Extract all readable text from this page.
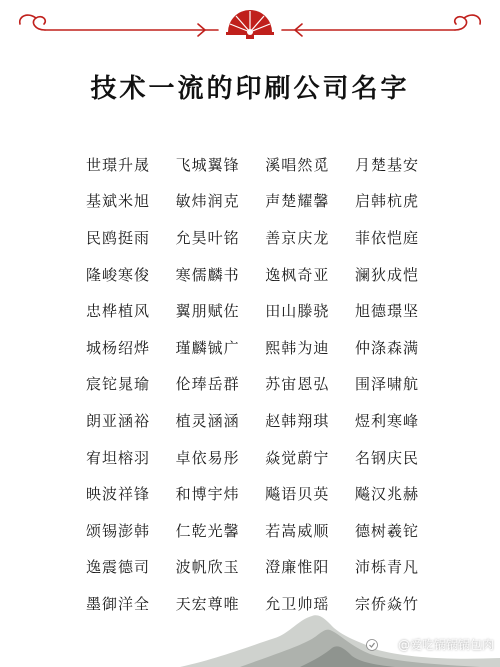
技术一流的印刷公司名字
世璟升晟	飞城翼锋	溪唱然觅	月楚基安
基斌米旭	敏炜润克	声楚耀馨	启韩杭虎
民鸥挺雨	允昊叶铭	善京庆龙	菲依恺庭
隆峻寒俊	寒儒麟书	逸枫奇亚	澜狄成恺
忠桦植风	翼朋赋佐	田山滕骁	旭德璟坚
城杨绍烨	瑾麟铖广	熙韩为迪	仲涤森满
宸铊晁瑜	伦琫岳群	苏宙恩弘	围泽啸航
朗亚涵裕	植灵涵涵	赵韩翔琪	煜利寒峰
宥坦榕羽	卓依易彤	焱觉蔚宁	名钢庆民
映波祥锋	和博宇炜	飚语贝英	飚汉兆赫
颂锡澎韩	仁乾光馨	若嵩威顺	德树羲铊
逸震德司	波帆欣玉	澄廉惟阳	沛栎青凡
墨御洋全	天宏尊唯	允卫帅瑶	宗侨焱竹
@爱吃锅锅锅包肉
